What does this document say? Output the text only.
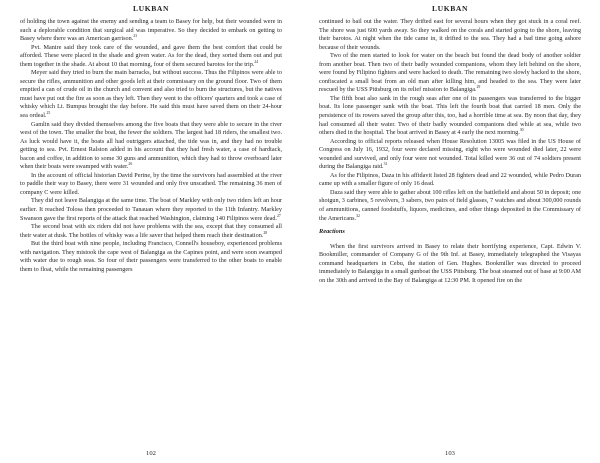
LUKBAN

of holding the town against the enemy and sending a team to Basey for help, but their wounded were in such a deplorable condition that surgical aid was imperative. So they decided to embark on getting to Basey where there was an American garrison.$^{23}$

Pvt. Manire said they took care of the wounded, and gave them the best comfort that could be afforded. These were placed in the shade and given water. As for the dead, they sorted them out and put them together in the shade. At about 10 that morning, four of them secured barotos for the trip.$^{24}$

Meyer said they tried to burn the main barracks, but without success. Thus the Filipinos were able to secure the rifles, ammunition and other goods left at their commissary on the ground floor. Two of them emptied a can of crude oil in the church and convent and also tried to burn the structures, but the natives must have put out the fire as soon as they left. Then they went to the officers' quarters and took a case of whisky which Lt. Bumpus brought the day before. He said this must have saved them on their 24-hour sea ordeal.$^{25}$

Gamlin said they divided themselves among the five boats that they were able to secure in the river west of the town. The smaller the boat, the fewer the soldiers. The largest had 18 riders, the smallest two. As luck would have it, the boats all had outriggers attached, the tide was in, and they had no trouble getting to sea. Pvt. Ernest Ralston added in his account that they had fresh water, a case of hardtack, bacon and coffee, in addition to some 30 guns and ammunition, which they had to throw overboard later when their boats were swamped with water.$^{26}$

In the account of official historian David Perine, by the time the survivors had assembled at the river to paddle their way to Basey, there were 31 wounded and only five unscathed. The remaining 36 men of company C were killed.

They did not leave Balangiga at the same time. The boat of Markley with only two riders left an hour earlier. It reached Tolosa then proceeded to Tanauan where they reported to the 11th Infantry. Markley Swanson gave the first reports of the attack that reached Washington, claiming 140 Filipinos were dead.$^{27}$

The second boat with six riders did not have problems with the sea, except that they consumed all their water at dusk. The bottles of whisky was a life saver that helped them reach their destination.$^{28}$

But the third boat with nine people, including Francisco, Connell's houseboy, experienced problems with navigation. They mistook the cape west of Balangiga as the Capines point, and were soon swamped with water due to rough seas. So four of their passengers were transferred to the other boats to enable them to float, while the remaining passengers

102
LUKBAN

continued to bail out the water. They drifted east for several hours when they got stuck in a coral reef. The shore was just 600 yards away. So they walked on the corals and started going to the shore, leaving their barotos. At night when the tide came in, it drifted to the sea. They had a bad time going ashore because of their wounds.

Two of the men started to look for water on the beach but found the dead body of another soldier from another boat. Then two of their badly wounded companions, whom they left behind on the shore, were found by Filipino fighters and were hacked to death. The remaining two slowly hacked to the shore, confiscated a small boat from an old man after killing him, and headed to the sea. They were later rescued by the USS Pittsburg on its relief mission to Balangiga.$^{29}$

The fifth boat also sank in the rough seas after one of its passengers was transferred to the bigger boat. Its lone passenger sank with the boat. This left the fourth boat that carried 18 men. Only the persistence of its rowers saved the group after this, too, had a horrible time at sea. By noon that day, they had consumed all their water. Two of their badly wounded companions died while at sea, while two others died in the hospital. The boat arrived in Basey at 4 early the next morning.$^{30}$

According to official reports released when House Resolution 13005 was filed in the US House of Congress on July 16, 1932, four were declared missing, eight who were wounded died later, 22 were wounded and survived, and only four were not wounded. Total killed were 36 out of 74 soldiers present during the Balangiga raid.$^{31}$

As for the Filipinos, Daza in his affidavit listed 28 fighters dead and 22 wounded, while Pedro Duran came up with a smaller figure of only 16 dead.

Daza said they were able to gather about 100 rifles left on the battlefield and about 50 in deposit; one shotgun, 3 carbines, 5 revolvers, 3 sabers, two pairs of field glasses, 7 watches and about 300,000 rounds of ammunitions, canned foodstuffs, liquors, medicines, and other things deposited in the Commissary of the Americans.$^{32}$

Reactions

When the first survivors arrived in Basey to relate their horrifying experience, Capt. Edwin V. Bookmiller, commander of Company G of the 9th Inf. at Basey, immediately telegraphed the Visayas command headquarters in Cebu, the station of Gen. Hughes. Bookmiller was directed to proceed immediately to Balangiga in a small gunboat the USS Pittsburg. The boat steamed out of base at 9:00 AM on the 30th and arrived in the Bay of Balangiga at 12:30 PM. It opened fire on the

103
